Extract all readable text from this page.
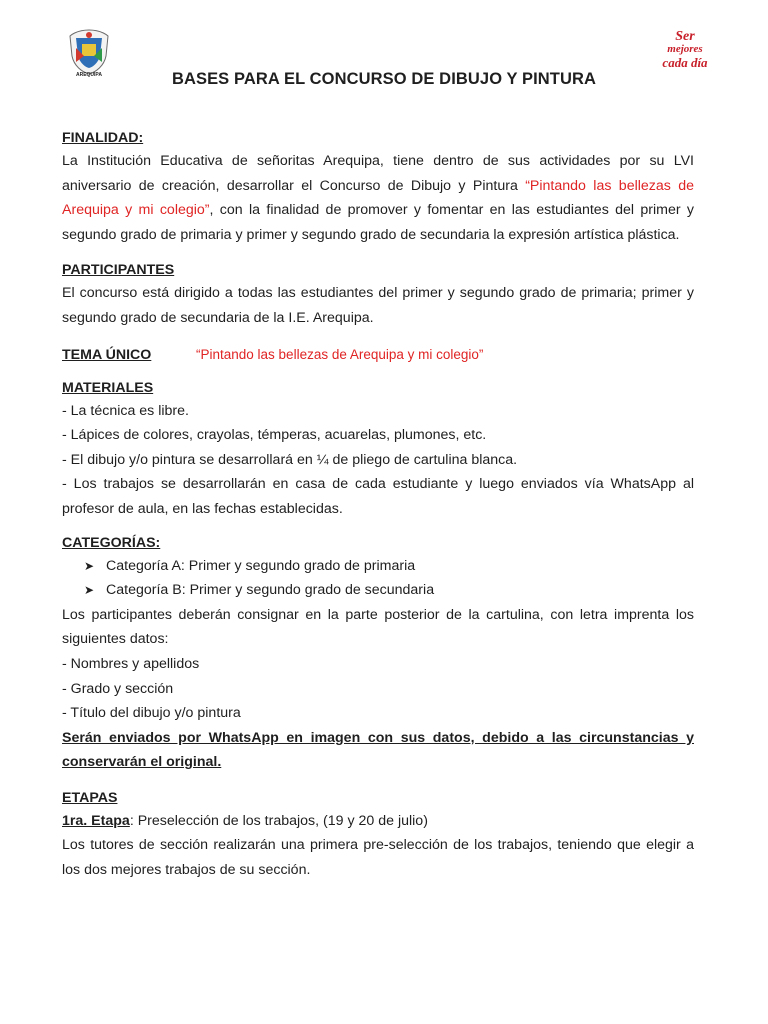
AREQUIPA
Ser
mejores
cada día
BASES PARA EL CONCURSO DE DIBUJO Y PINTURA
FINALIDAD:

La Institución Educativa de señoritas Arequipa, tiene dentro de sus actividades por su LVI aniversario de creación, desarrollar el Concurso de Dibujo y Pintura “Pintando las bellezas de Arequipa y mi colegio”, con la finalidad de promover y fomentar en las estudiantes del primer y segundo grado de primaria y primer y segundo grado de secundaria la expresión artística plástica.

PARTICIPANTES

El concurso está dirigido a todas las estudiantes del primer y segundo grado de primaria; primer y segundo grado de secundaria de la I.E. Arequipa.

TEMA ÚNICO	“Pintando las bellezas de Arequipa y mi colegio”
MATERIALES
- La técnica es libre.
- Lápices de colores, crayolas, témperas, acuarelas, plumones, etc.
- El dibujo y/o pintura se desarrollará en ¼ de pliego de cartulina blanca.

- Los trabajos se desarrollarán en casa de cada estudiante y luego enviados vía WhatsApp al profesor de aula, en las fechas establecidas.

CATEGORÍAS:
➤ Categoría A: Primer y segundo grado de primaria
➤ Categoría B: Primer y segundo grado de secundaria

Los participantes deberán consignar en la parte posterior de la cartulina, con letra imprenta los siguientes datos:

- Nombres y apellidos
- Grado y sección
- Título del dibujo y/o pintura

Serán enviados por WhatsApp en imagen con sus datos, debido a las circunstancias y conservarán el original.

ETAPAS
1ra. Etapa: Preselección de los trabajos, (19 y 20 de julio)

Los tutores de sección realizarán una primera pre-selección de los trabajos, teniendo que elegir a los dos mejores trabajos de su sección.
